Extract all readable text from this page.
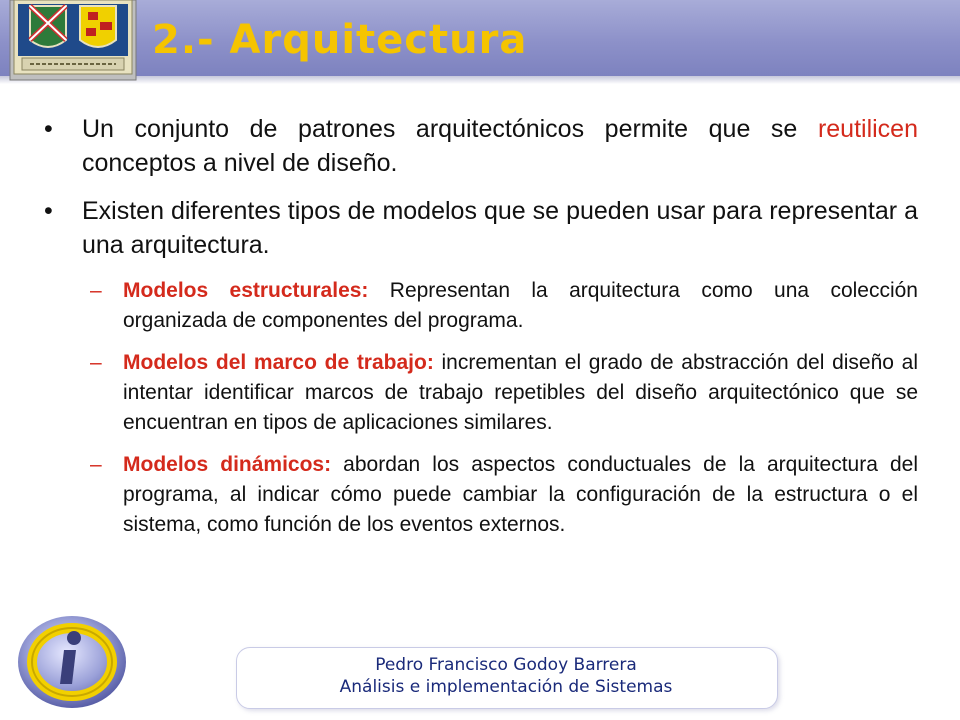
2.- Arquitectura
• Un conjunto de patrones arquitectónicos permite que se reutilicen conceptos a nivel de diseño.
• Existen diferentes tipos de modelos que se pueden usar para representar a una arquitectura.
– Modelos estructurales: Representan la arquitectura como una colección organizada de componentes del programa.
– Modelos del marco de trabajo: incrementan el grado de abstracción del diseño al intentar identificar marcos de trabajo repetibles del diseño arquitectónico que se encuentran en tipos de aplicaciones similares.
– Modelos dinámicos: abordan los aspectos conductuales de la arquitectura del programa, al indicar cómo puede cambiar la configuración de la estructura o el sistema, como función de los eventos externos.
Pedro Francisco Godoy Barrera
Análisis e implementación de Sistemas
